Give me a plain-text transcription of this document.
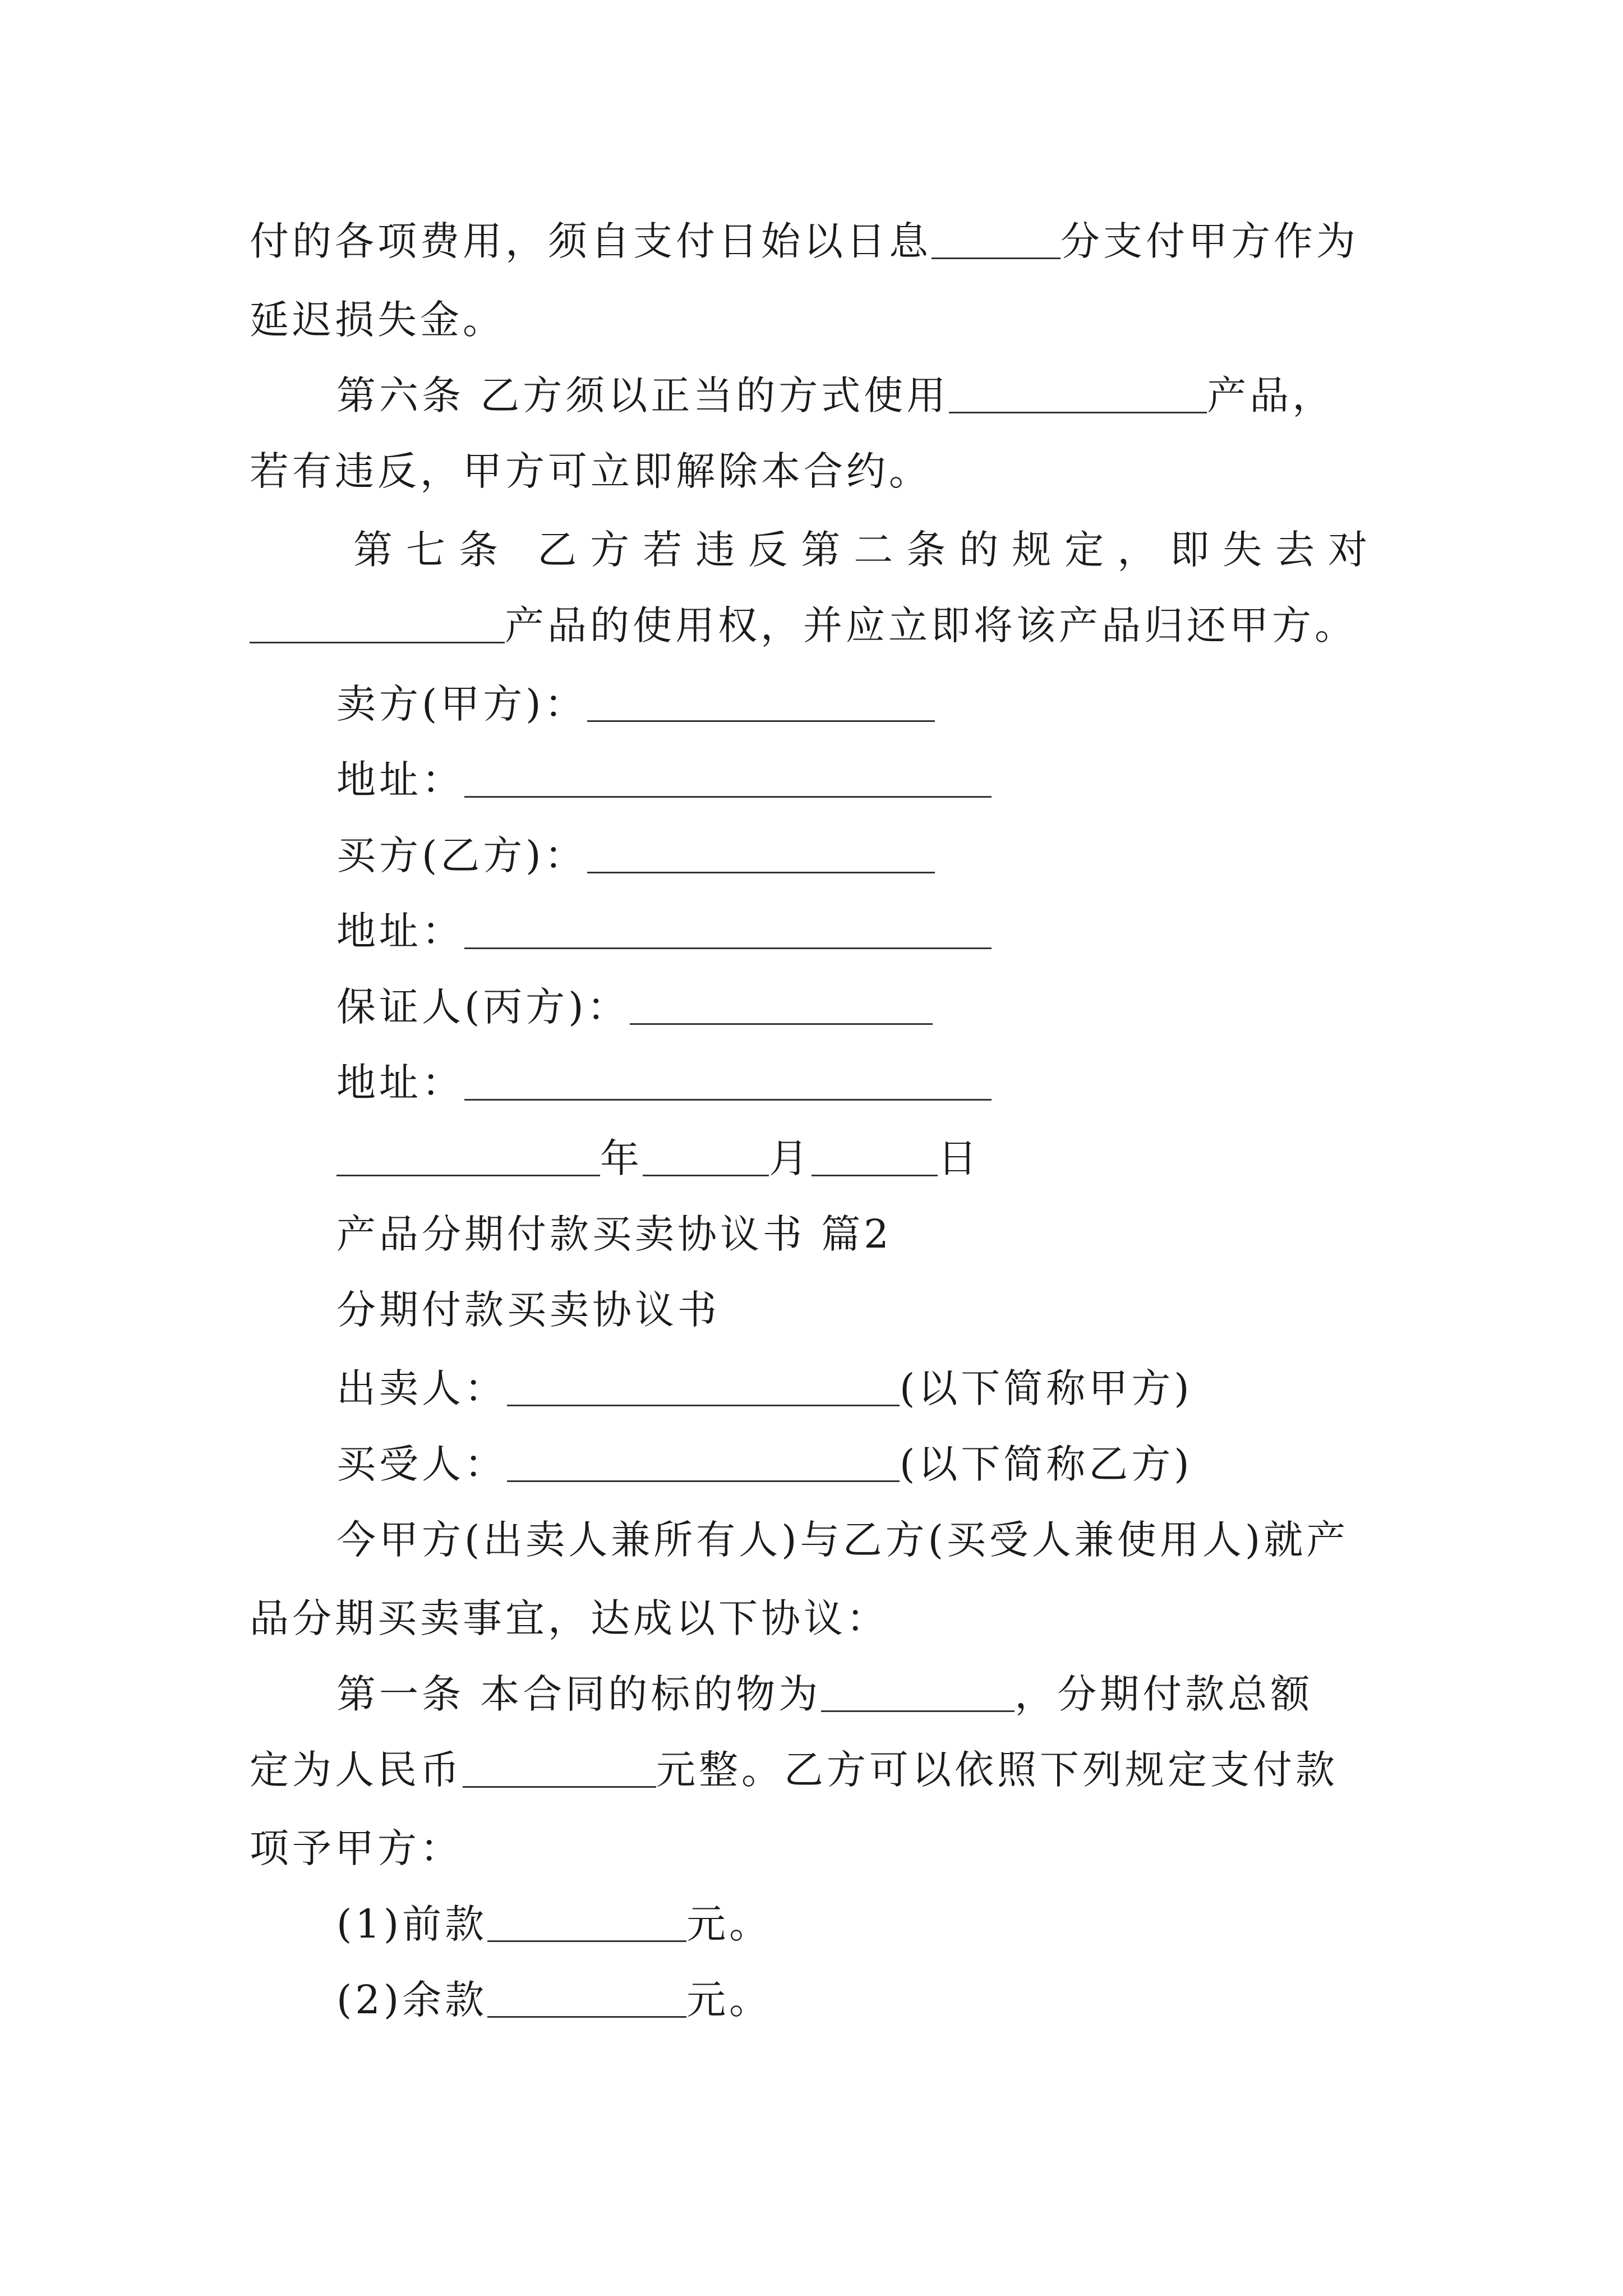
付的各项费用，须自支付日始以日息	分支付甲方作为
延迟损失金。
第六条 乙方须以正当的方式使用	产品，
若有违反，甲方可立即解除本合约。
第七条 乙方若违反第二条的规定，即失去对
产品的使用权，并应立即将该产品归还甲方。
卖方(甲方)：
地址：
买方(乙方)：
地址：
保证人(丙方)：
地址：
年	月	日
产品分期付款买卖协议书 篇2
分期付款买卖协议书
出卖人：	(以下简称甲方)
买受人：	(以下简称乙方)
今甲方(出卖人兼所有人)与乙方(买受人兼使用人)就产
品分期买卖事宜，达成以下协议：
第一条 本合同的标的物为	，分期付款总额
定为人民币	元整。乙方可以依照下列规定支付款
项予甲方：
(1)前款	元。
(2)余款	元。
